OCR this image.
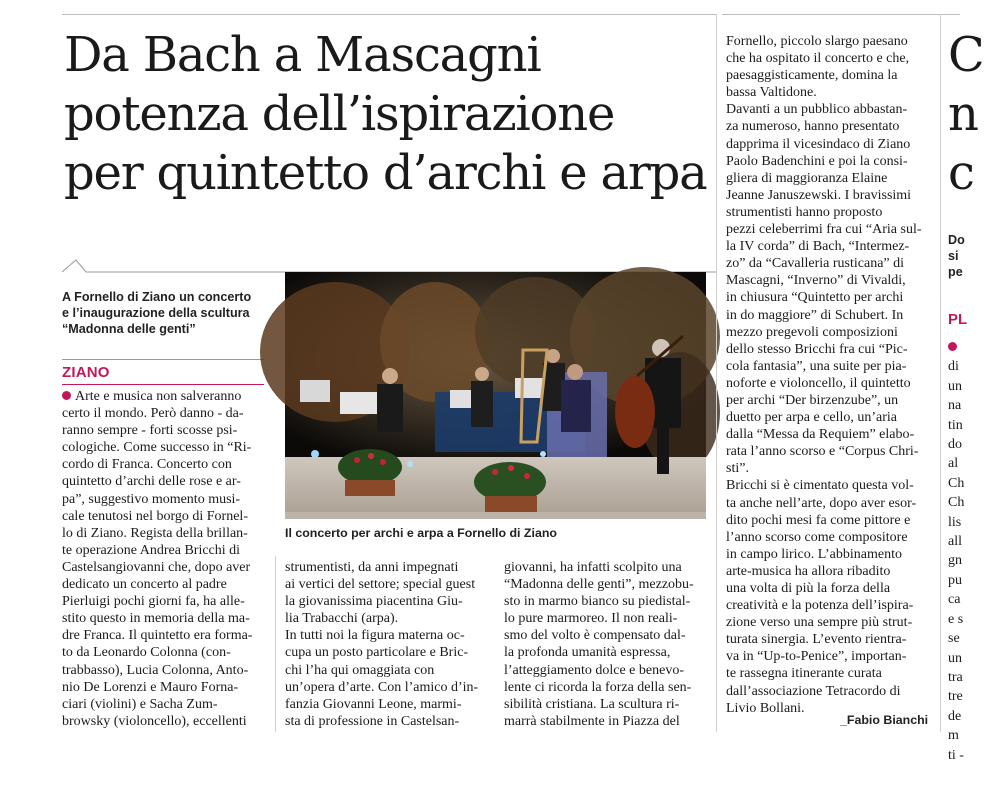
Da Bach a Mascagni
potenza dell’ispirazione
per quintetto d’archi e arpa
A Fornello di Ziano un concerto
e l’inaugurazione della scultura
“Madonna delle genti”
ZIANO
Arte e musica non salveranno
certo il mondo. Però danno - da-
ranno sempre - forti scosse psi-
cologiche. Come successo in “Ri-
cordo di Franca. Concerto con
quintetto d’archi delle rose e ar-
pa”, suggestivo momento musi-
cale tenutosi nel borgo di Fornel-
lo di Ziano. Regista della brillan-
te operazione Andrea Bricchi di
Castelsangiovanni che, dopo aver
dedicato un concerto al padre
Pierluigi pochi giorni fa, ha alle-
stito questo in memoria della ma-
dre Franca. Il quintetto era forma-
to da Leonardo Colonna (con-
trabbasso), Lucia Colonna, Anto-
nio De Lorenzi e Mauro Forna-
ciari (violini) e Sacha Zum-
browsky (violoncello), eccellenti
Il concerto per archi e arpa a Fornello di Ziano
strumentisti, da anni impegnati
ai vertici del settore; special guest
la giovanissima piacentina Giu-
lia Trabacchi (arpa).
In tutti noi la figura materna oc-
cupa un posto particolare e Bric-
chi l’ha qui omaggiata con
un’opera d’arte. Con l’amico d’in-
fanzia Giovanni Leone, marmi-
sta di professione in Castelsan-
giovanni, ha infatti scolpito una
“Madonna delle genti”, mezzobu-
sto in marmo bianco su piedistal-
lo pure marmoreo. Il non reali-
smo del volto è compensato dal-
la profonda umanità espressa,
l’atteggiamento dolce e benevo-
lente ci ricorda la forza della sen-
sibilità cristiana. La scultura ri-
marrà stabilmente in Piazza del
Fornello, piccolo slargo paesano
che ha ospitato il concerto e che,
paesaggisticamente, domina la
bassa Valtidone.
Davanti a un pubblico abbastan-
za numeroso, hanno presentato
dapprima il vicesindaco di Ziano
Paolo Badenchini e poi la consi-
gliera di maggioranza Elaine
Jeanne Januszewski. I bravissimi
strumentisti hanno proposto
pezzi celeberrimi fra cui “Aria sul-
la IV corda” di Bach, “Intermez-
zo” da “Cavalleria rusticana” di
Mascagni, “Inverno” di Vivaldi,
in chiusura “Quintetto per archi
in do maggiore” di Schubert. In
mezzo pregevoli composizioni
dello stesso Bricchi fra cui “Pic-
cola fantasia”, una suite per pia-
noforte e violoncello, il quintetto
per archi “Der birzenzube”, un
duetto per arpa e cello, un’aria
dalla “Messa da Requiem” elabo-
rata l’anno scorso e “Corpus Chri-
sti”.
Bricchi si è cimentato questa vol-
ta anche nell’arte, dopo aver esor-
dito pochi mesi fa come pittore e
l’anno scorso come compositore
in campo lirico. L’abbinamento
arte-musica ha allora ribadito
una volta di più la forza della
creatività e la potenza dell’ispira-
zione verso una sempre più strut-
turata sinergia. L’evento rientra-
va in “Up-to-Penice”, importan-
te rassegna itinerante curata
dall’associazione Tetracordo di
Livio Bollani.
_Fabio Bianchi
C
n
c
Do
si
pe
PL
di
un
na
tin
do
al
Ch
Ch
lis
all
gn
pu
ca
e s
se
un
tra
tre
de
m
ti -
